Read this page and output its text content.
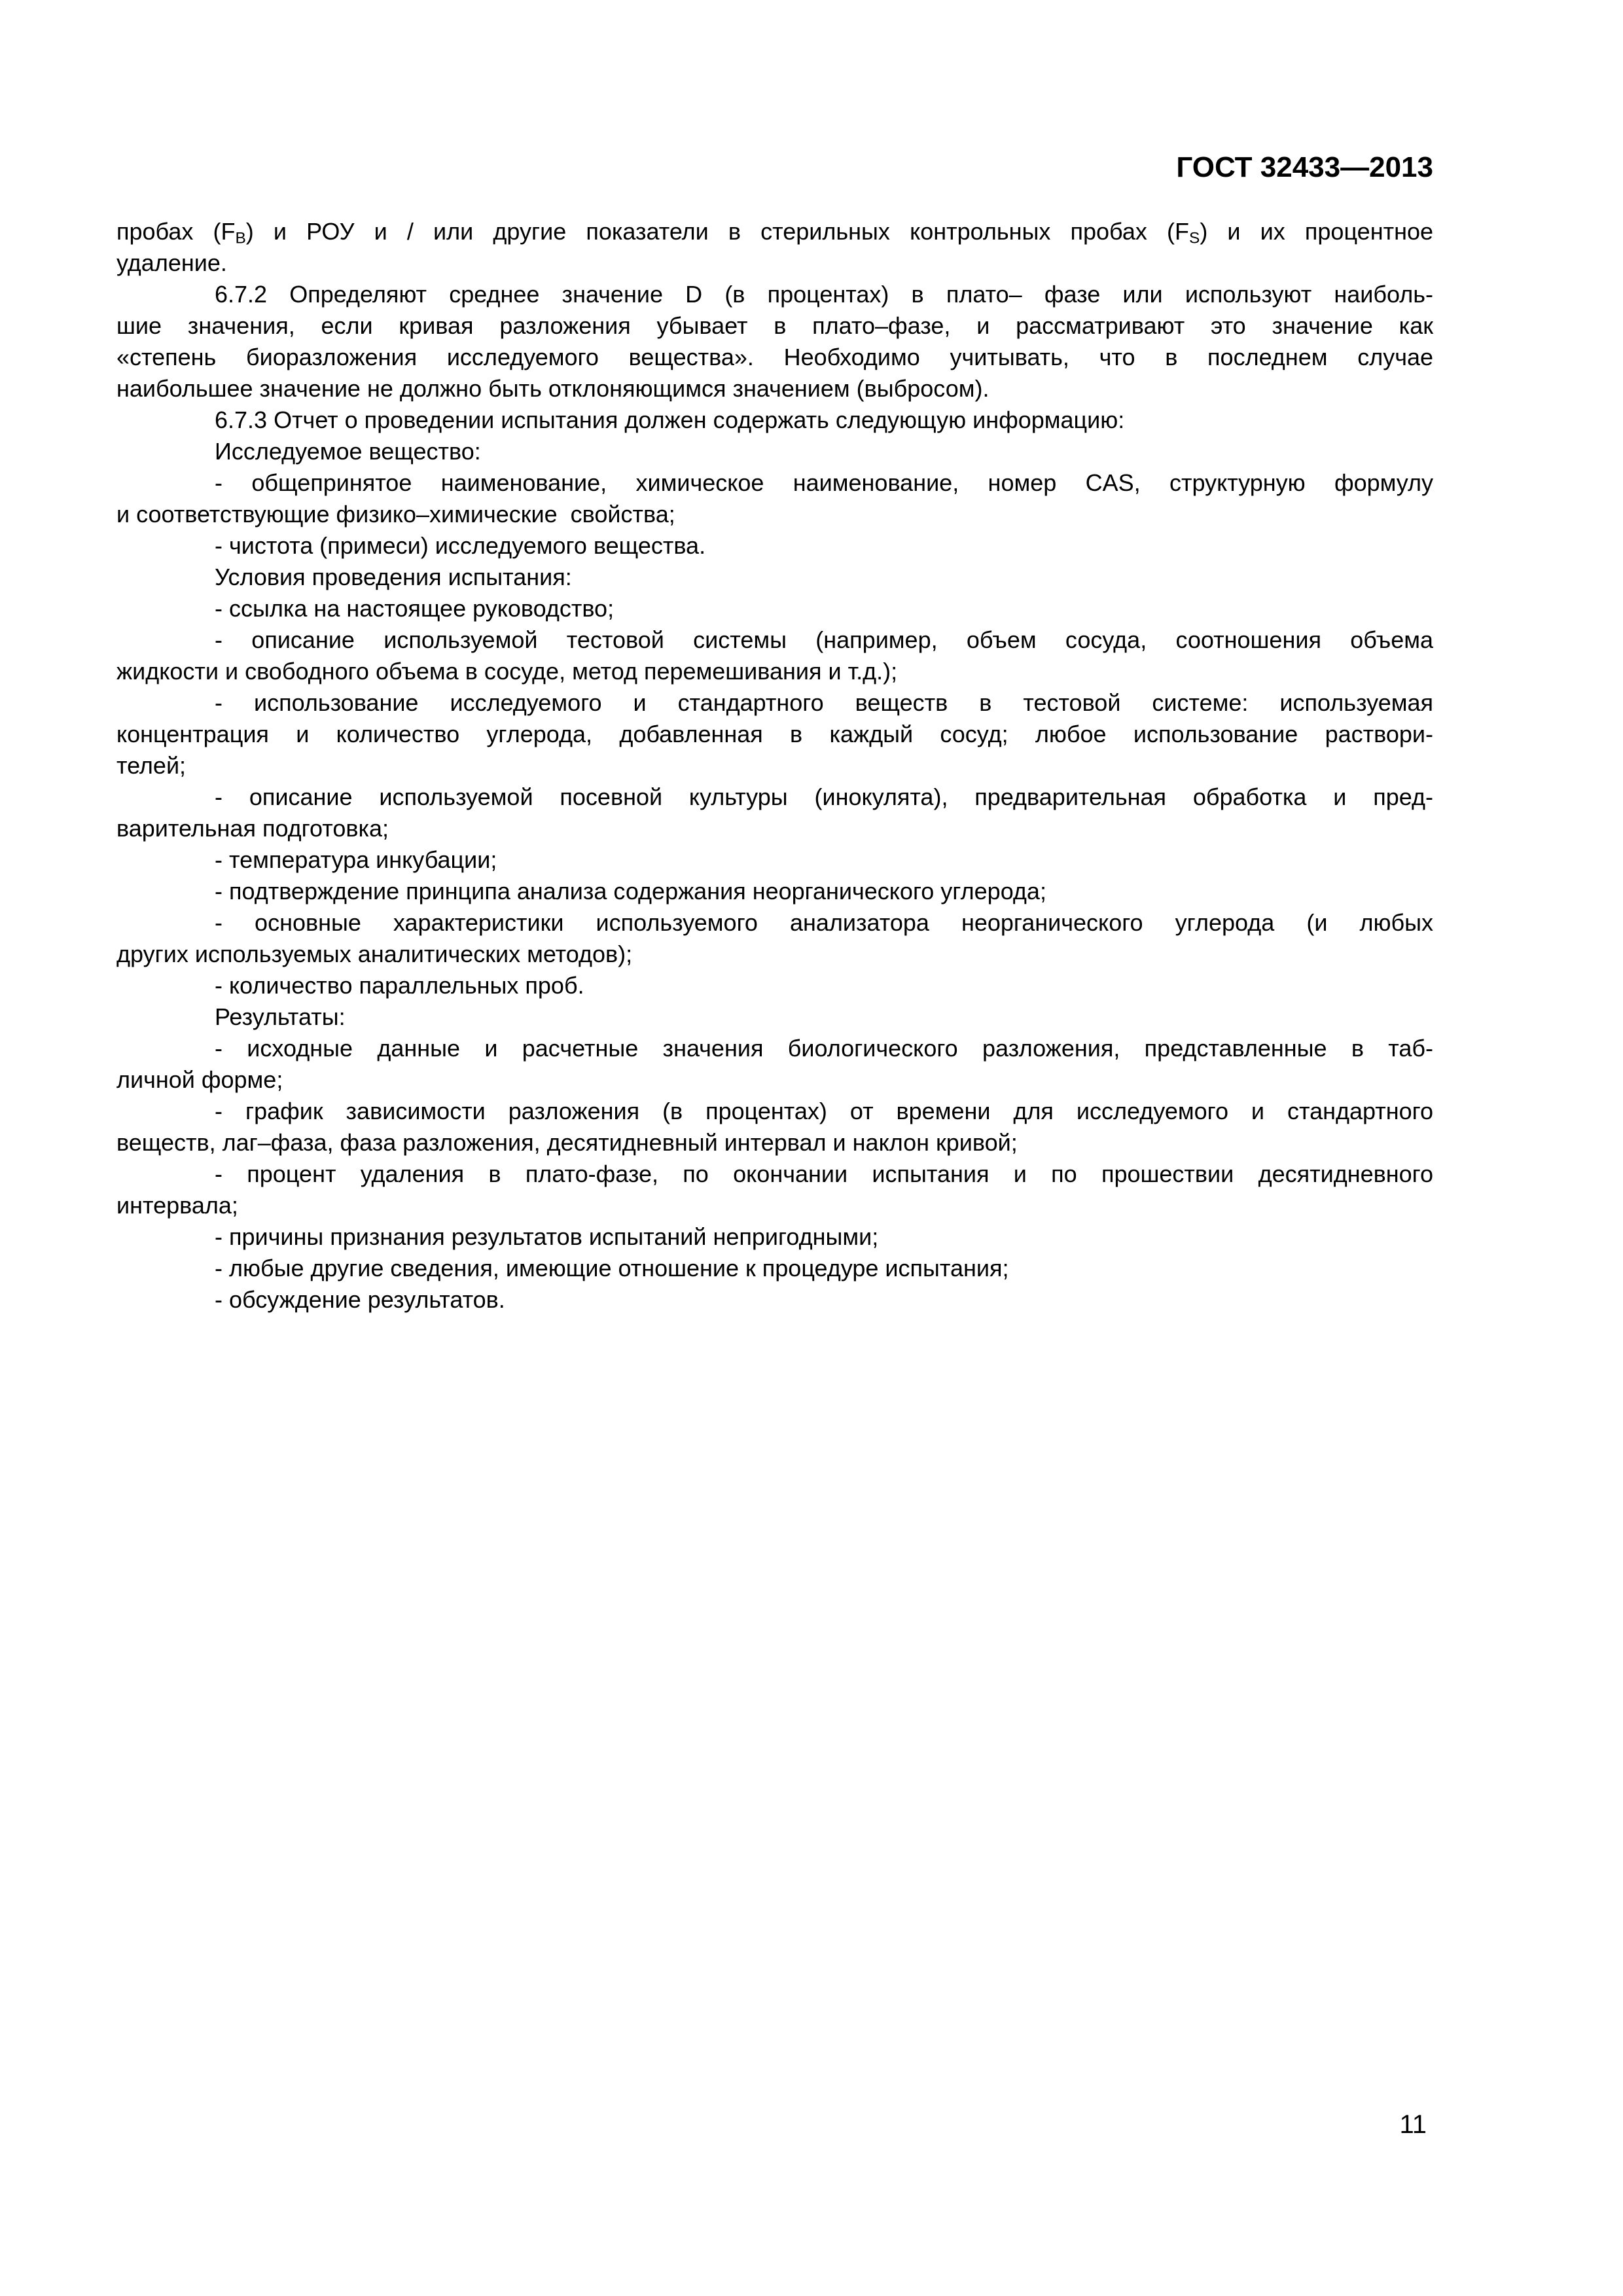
ГОСТ 32433—2013

пробах $(F_B)$ и РОУ и / или другие показатели в стерильных контрольных пробах $(F_S)$ и их процентное
удаление.

6.7.2 Определяют среднее значение D (в процентах) в плато– фазе или используют наиболь-
шие значения, если кривая разложения убывает в плато–фазе, и рассматривают это значение как
«степень биоразложения исследуемого вещества». Необходимо учитывать, что в последнем случае
наибольшее значение не должно быть отклоняющимся значением (выбросом).

6.7.3 Отчет о проведении испытания должен содержать следующую информацию:

Исследуемое вещество:

- общепринятое наименование, химическое наименование, номер CAS, структурную формулу
и соответствующие физико–химические  свойства;

- чистота (примеси) исследуемого вещества.

Условия проведения испытания:

- ссылка на настоящее руководство;

- описание используемой тестовой системы (например, объем сосуда, соотношения объема
жидкости и свободного объема в сосуде, метод перемешивания и т.д.);

- использование исследуемого и стандартного веществ в тестовой системе: используемая
концентрация и количество углерода, добавленная в каждый сосуд; любое использование раствори-
телей;

- описание используемой посевной культуры (инокулята), предварительная обработка и пред-
варительная подготовка;

- температура инкубации;

- подтверждение принципа анализа содержания неорганического углерода;

- основные характеристики используемого анализатора неорганического углерода (и любых
других используемых аналитических методов);

- количество параллельных проб.

Результаты:

- исходные данные и расчетные значения биологического разложения, представленные в таб-
личной форме;

- график зависимости разложения (в процентах) от времени для исследуемого и стандартного
веществ, лаг–фаза, фаза разложения, десятидневный интервал и наклон кривой;

- процент удаления в плато-фазе, по окончании испытания и по прошествии десятидневного
интервала;

- причины признания результатов испытаний непригодными;

- любые другие сведения, имеющие отношение к процедуре испытания;

- обсуждение результатов.

11
